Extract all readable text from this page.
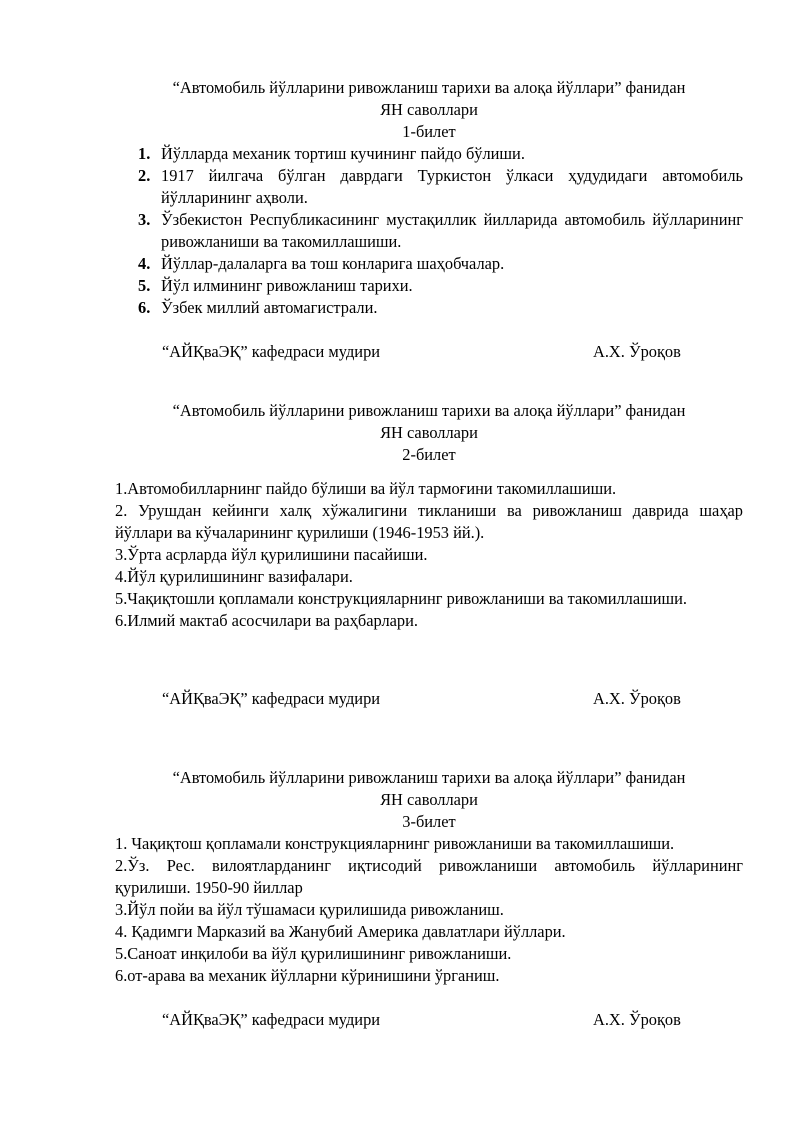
“Автомобиль йўлларини ривожланиш тарихи ва алоқа йўллари” фанидан
ЯН саволлари
1-билет
1. Йўлларда механик тортиш кучининг пайдо бўлиши.
2. 1917 йилгача бўлган даврдаги Туркистон ўлкаси ҳудудидаги автомобиль йўлларининг аҳволи.
3. Ўзбекистон Республикасининг мустақиллик йилларида автомобиль йўлларининг ривожланиши ва такомиллашиши.
4. Йўллар-далаларга ва тош конларига шаҳобчалар.
5. Йўл илмининг ривожланиш тарихи.
6. Ўзбек миллий автомагистрали.
“АЙҚваЭҚ” кафедраси мудири	А.Х. Ўроқов
“Автомобиль йўлларини ривожланиш тарихи ва алоқа йўллари” фанидан
ЯН саволлари
2-билет

1.Автомобилларнинг пайдо бўлиши ва йўл тармоғини такомиллашиши.

2. Урушдан кейинги халқ хўжалигини тикланиши ва ривожланиш даврида шаҳар йўллари ва кўчаларининг қурилиши (1946-1953 йй.).

3.Ўрта асрларда йўл қурилишини пасайиши.

4.Йўл қурилишининг вазифалари.

5.Чақиқтошли қопламали конструкцияларнинг ривожланиши ва такомиллашиши.

6.Илмий мактаб асосчилари ва раҳбарлари.

“АЙҚваЭҚ” кафедраси мудири	А.Х. Ўроқов
“Автомобиль йўлларини ривожланиш тарихи ва алоқа йўллари” фанидан
ЯН саволлари
3-билет

1. Чақиқтош қопламали конструкцияларнинг ривожланиши ва такомиллашиши.

2.Ўз. Рес. вилоятларданинг иқтисодий ривожланиши автомобиль йўлларининг қурилиши. 1950-90 йиллар

3.Йўл пойи ва йўл тўшамаси қурилишида ривожланиш.

4. Қадимги Марказий ва Жанубий Америка давлатлари йўллари.

5.Саноат инқилоби ва йўл қурилишининг ривожланиши.

6.от-арава ва механик йўлларни кўринишини ўрганиш.

“АЙҚваЭҚ” кафедраси мудири	А.Х. Ўроқов
